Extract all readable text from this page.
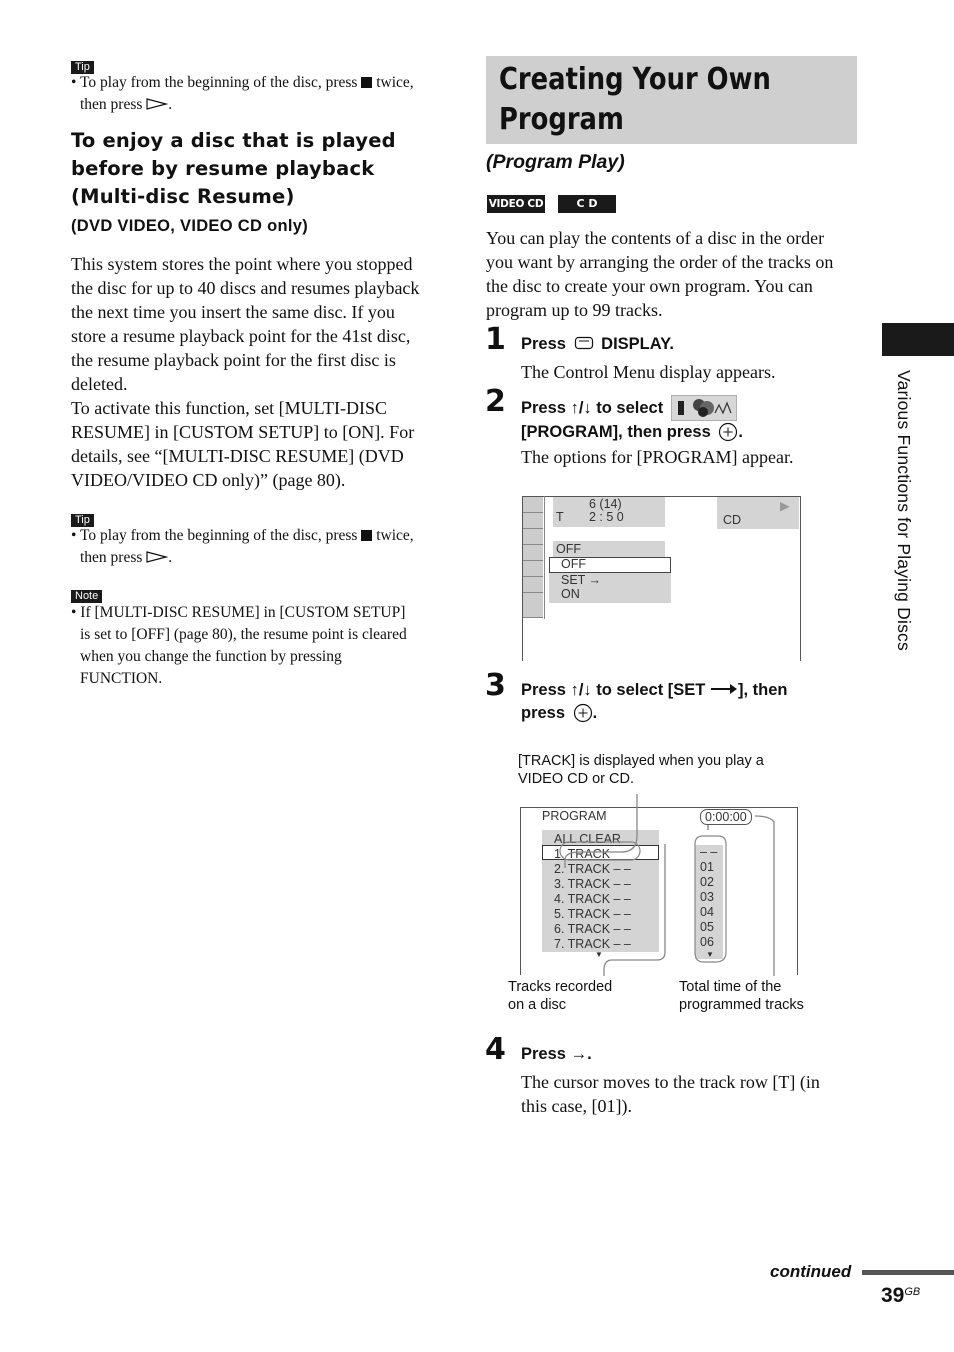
Tip
• To play from the beginning of the disc, press twice,
then press .
To enjoy a disc that is played
before by resume playback
(Multi-disc Resume)
(DVD VIDEO, VIDEO CD only)
This system stores the point where you stopped
the disc for up to 40 discs and resumes playback
the next time you insert the same disc. If you
store a resume playback point for the 41st disc,
the resume playback point for the first disc is
deleted.
To activate this function, set [MULTI-DISC
RESUME] in [CUSTOM SETUP] to [ON]. For
details, see “[MULTI-DISC RESUME] (DVD
VIDEO/VIDEO CD only)” (page 80).
Tip
• To play from the beginning of the disc, press twice,
then press .
Note
• If [MULTI-DISC RESUME] in [CUSTOM SETUP]
is set to [OFF] (page 80), the resume point is cleared
when you change the function by pressing
FUNCTION.
Creating Your Own
Program
(Program Play)
VIDEO CD	C D
You can play the contents of a disc in the order
you want by arranging the order of the tracks on
the disc to create your own program. You can
program up to 99 tracks.
1 Press DISPLAY.
The Control Menu display appears.
2 Press ↑/↓ to select
[PROGRAM], then press .
The options for [PROGRAM] appear.
6 (14)
T 2 : 5 0
▶
CD
OFF
OFF
SET →
ON
3 Press ↑/↓ to select [SET ], then
press .
[TRACK] is displayed when you play a
VIDEO CD or CD.
PROGRAM	0:00:00
ALL CLEAR
1. TRACK
2. TRACK – –
3. TRACK – –
4. TRACK – –
5. TRACK – –
6. TRACK – –
7. TRACK – –
▼
– –
01
02
03
04
05
06
▼
Tracks recorded
on a disc
Total time of the
programmed tracks
4 Press →.
The cursor moves to the track row [T] (in
this case, [01]).
Various Functions for Playing Discs
continued
$39^{GB}$
